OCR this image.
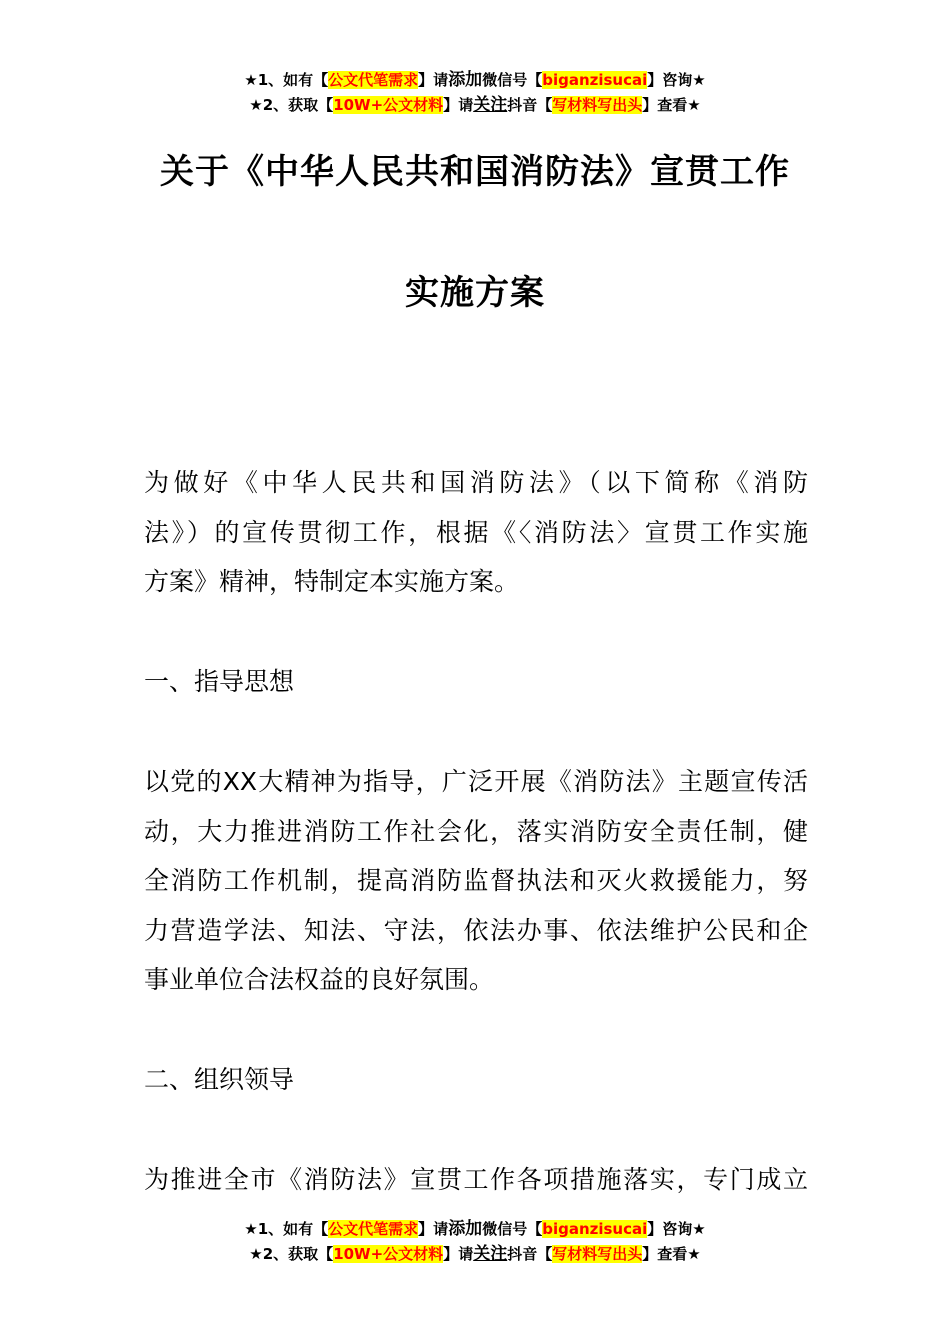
★1、如有【公文代笔需求】请添加微信号【biganzisucai】咨询★
★2、获取【10W+公文材料】请关注抖音【写材料写出头】查看★
关于《中华人民共和国消防法》宣贯工作
实施方案
为做好《中华人民共和国消防法》（以下简称《消防
法》）的宣传贯彻工作，根据《〈消防法〉宣贯工作实施
方案》精神，特制定本实施方案。
一、指导思想
以党的XX大精神为指导，广泛开展《消防法》主题宣传活
动，大力推进消防工作社会化，落实消防安全责任制，健
全消防工作机制，提高消防监督执法和灭火救援能力，努
力营造学法、知法、守法，依法办事、依法维护公民和企
事业单位合法权益的良好氛围。
二、组织领导
为推进全市《消防法》宣贯工作各项措施落实，专门成立
★1、如有【公文代笔需求】请添加微信号【biganzisucai】咨询★
★2、获取【10W+公文材料】请关注抖音【写材料写出头】查看★
